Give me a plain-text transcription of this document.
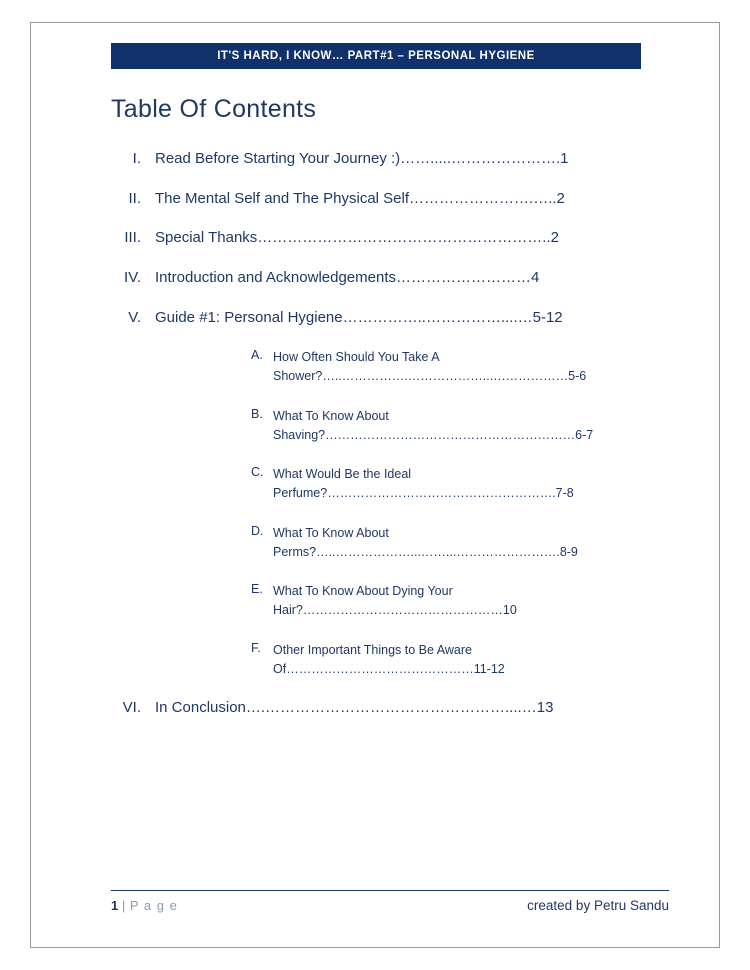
IT'S HARD, I KNOW… PART#1 – PERSONAL HYGIENE
Table Of Contents
I. Read Before Starting Your Journey :)…….....………………….1
II. The Mental Self and The Physical Self…………………….…..2
III. Special Thanks…………………………………………………..2
IV. Introduction and Acknowledgements………………………4
V. Guide #1: Personal Hygiene……………..……………....…5-12
A. How Often Should You Take A Shower?…..…………….………………...………………5-6
B. What To Know About Shaving?……………………………………………………6-7
C. What Would Be the Ideal Perfume?……………………………………………….7-8
D. What To Know About Perms?…..………………...……...…………………….8-9
E. What To Know About Dying Your Hair?…………………………………………10
F. Other Important Things to Be Aware Of………………………………………11-12
VI. In Conclusion….…………………………………………....…13
1 | P a g e	created by Petru Sandu
